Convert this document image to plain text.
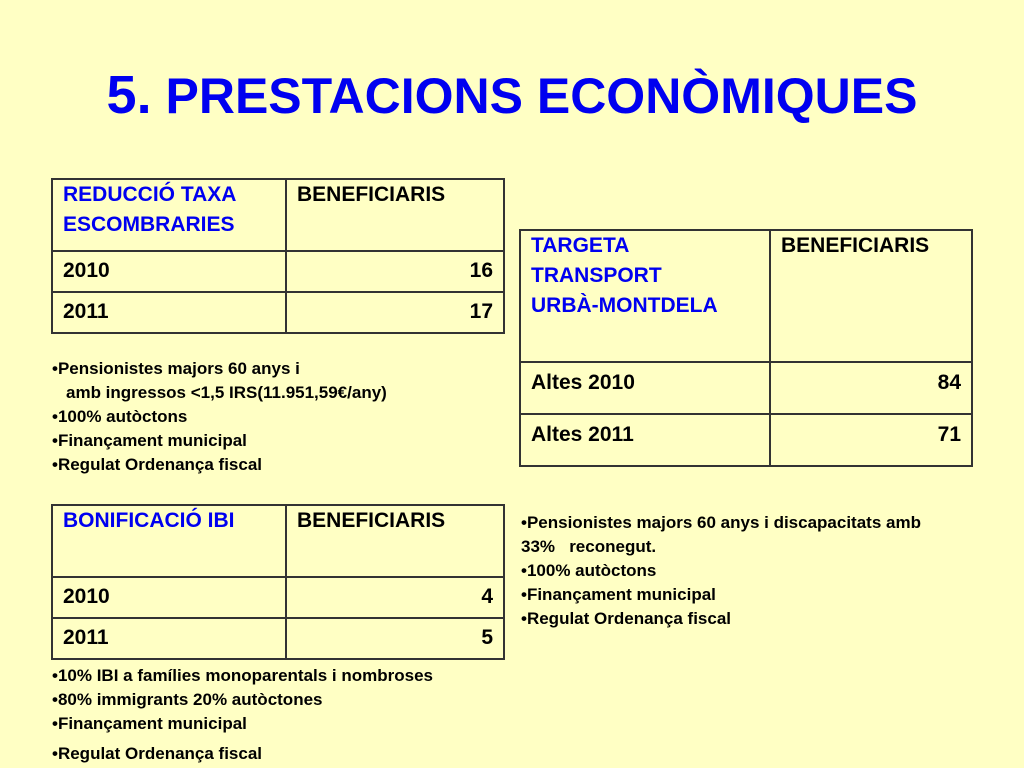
5. PRESTACIONS ECONÒMIQUES
REDUCCIÓ TAXA
ESCOMBRARIES	BENEFICIARIS
2010	16
2011	17
•Pensionistes majors 60 anys i
amb ingressos <1,5 IRS(11.951,59€/any)
•100% autòctons
•Finançament municipal
•Regulat Ordenança fiscal
TARGETA
TRANSPORT
URBÀ-MONTDELA	BENEFICIARIS
Altes 2010	84
Altes 2011	71
•Pensionistes majors 60 anys i discapacitats amb
33%   reconegut.
•100% autòctons
•Finançament municipal
•Regulat Ordenança fiscal
BONIFICACIÓ IBI	BENEFICIARIS
2010	4
2011	5
•10% IBI a famílies monoparentals i nombroses
•80% immigrants 20% autòctones
•Finançament municipal
•Regulat Ordenança fiscal
